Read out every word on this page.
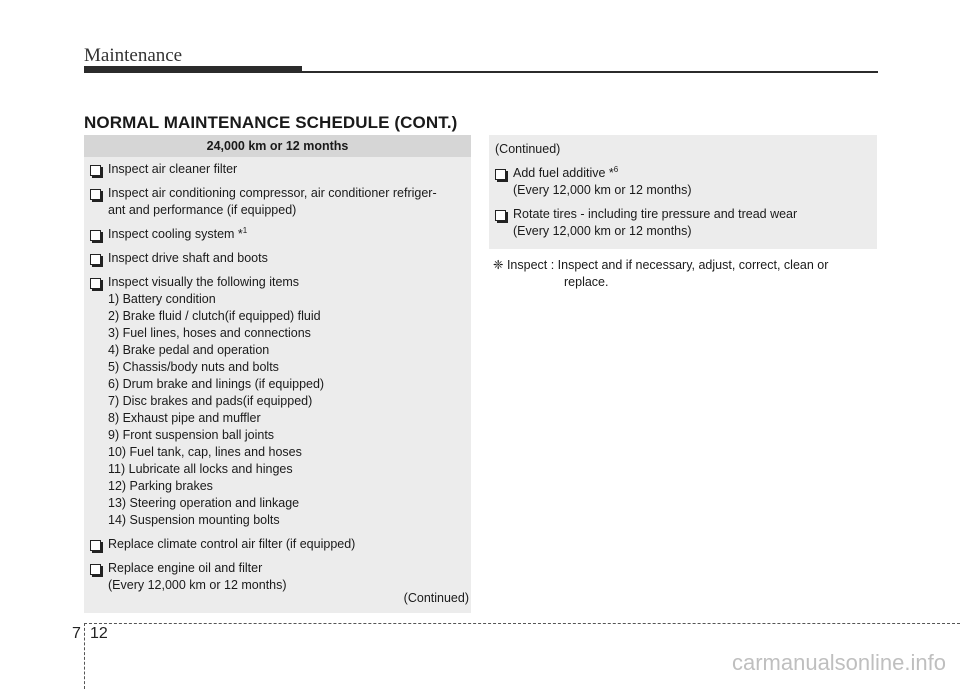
Maintenance
NORMAL MAINTENANCE SCHEDULE (CONT.)
24,000 km or 12 months
Inspect air cleaner filter
Inspect air conditioning compressor, air conditioner refriger-
ant and performance (if equipped)
Inspect cooling system *$^1$
Inspect drive shaft and boots
Inspect visually the following items
1) Battery condition
2) Brake fluid / clutch(if equipped) fluid
3) Fuel lines, hoses and connections
4) Brake pedal and operation
5) Chassis/body nuts and bolts
6) Drum brake and linings (if equipped)
7) Disc brakes and pads(if equipped)
8) Exhaust pipe and muffler
9) Front suspension ball joints
10) Fuel tank, cap, lines and hoses
11) Lubricate all locks and hinges
12) Parking brakes
13) Steering operation and linkage
14) Suspension mounting bolts
Replace climate control air filter (if equipped)
Replace engine oil and filter
(Every 12,000 km or 12 months)
(Continued)
(Continued)
Add fuel additive *$^6$
(Every 12,000 km or 12 months)
Rotate tires - including tire pressure and tread wear
(Every 12,000 km or 12 months)
❈ Inspect : Inspect and if necessary, adjust, correct, clean or
replace.
7 12
carmanualsonline.info
